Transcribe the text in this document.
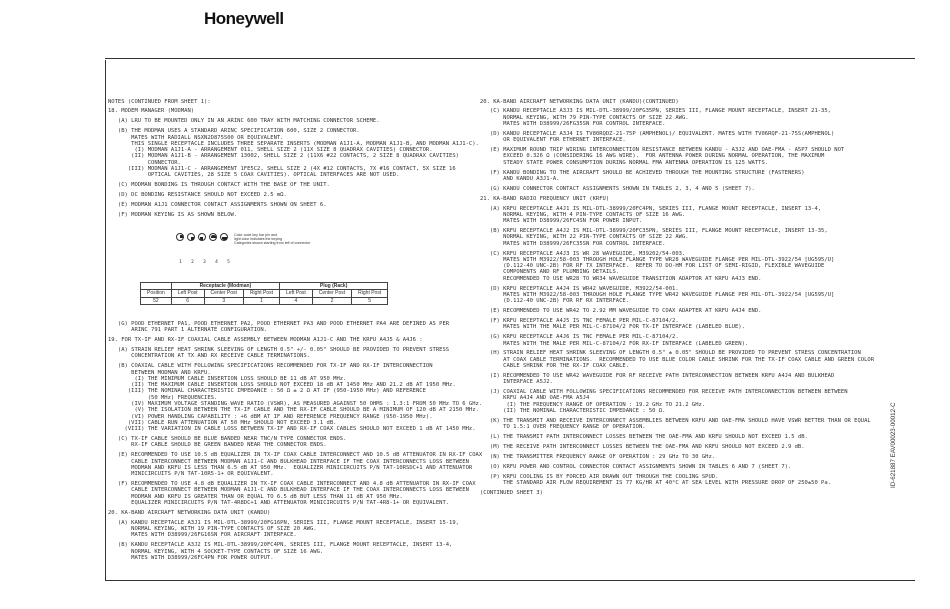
Honeywell

NOTES (CONTINUED FROM SHEET 1):

18. MODEM MANAGER (MODMAN)

(A) LRU TO BE MOUNTED ONLY IN AN ARINC 600 TRAY WITH MATCHING CONNECTOR SCHEME.

(B) THE MODMAN USES A STANDARD ARINC SPECIFICATION 600, SIZE 2 CONNECTOR.

MATES WITH RADIALL NSXN2D875S00 OR EQUIVALENT.

THIS SINGLE RECEPTACLE INCLUDES THREE SEPARATE INSERTS (MODMAN A1J1-A, MODMAN A1J1-B, AND MODMAN A1J1-C).

(I) MODMAN A1J1-A - ARRANGEMENT 011, SHELL SIZE 2 (11X SIZE 8 QUADRAX CAVITIES) CONNECTOR.

(II) MODMAN A1J1-B - ARRANGEMENT 13002, SHELL SIZE 2 (11X6 #22 CONTACTS, 2 SIZE 8 QUADRAX CAVITIES)

CONNECTOR.

(III) MODMAN A1J1-C - ARRANGEMENT 1FE5C2, SHELL SIZE 2 (4X #12 CONTACTS, 7X #16 CONTACT, 5X SIZE 16

OPTICAL CAVITIES, 28 SIZE 5 COAX CAVITIES). OPTICAL INTERFACES ARE NOT USED.

(C) MODMAN BONDING IS THROUGH CONTACT WITH THE BASE OF THE UNIT.

(D) DC BONDING RESISTANCE SHOULD NOT EXCEED 2.5 mΩ.

(E) MODMAN A1J1 CONNECTOR CONTACT ASSIGNMENTS SHOWN ON SHEET 6.

(F) MODMAN KEYING IS AS SHOWN BELOW.

Color code key bar pin and
light color indicates the keying
Categories shown starting from left of connector

1	2	3	4	5

	Receptacle (Modman)			Plug (Rack)		
Position	Left Post	Center Post	Right Post	Left Post	Center Post	Right Post
52	6	3	1	4	2	5

(G) POOD ETHERNET PA1, POOD ETHERNET PA2, POOD ETHERNET PA3 AND POOD ETHERNET PA4 ARE DEFINED AS PER

ARINC 791 PART 1 ALTERNATE CONFIGURATION.

19. FOR TX-IF AND RX-IF COAXIAL CABLE ASSEMBLY BETWEEN MODMAN A1J1-C AND THE KRFU A4J5 & A4J6 :

(A) STRAIN RELIEF HEAT SHRINK SLEEVING OF LENGTH 0.5" +/- 0.05" SHOULD BE PROVIDED TO PREVENT STRESS

CONCENTRATION AT TX AND RX RECEIVE CABLE TERMINATIONS.

(B) COAXIAL CABLE WITH FOLLOWING SPECIFICATIONS RECOMMENDED FOR TX-IF AND RX-IF INTERCONNECTION

BETWEEN MODMAN AND KRFU.

(I) THE MINIMUM CABLE INSERTION LOSS SHOULD BE 11 dB AT 950 MHz.

(II) THE MAXIMUM CABLE INSERTION LOSS SHOULD NOT EXCEED 18 dB AT 1450 MHz AND 21.2 dB AT 1950 MHz.

(III) THE NOMINAL CHARACTERISTIC IMPEDANCE : 50 Ω ± 2 Ω AT IF (950-1950 MHz) AND REFERENCE

(50 MHz) FREQUENCIES.

(IV) MAXIMUM VOLTAGE STANDING WAVE RATIO (VSWR), AS MEASURED AGAINST 50 OHMS : 1.3:1 FROM 50 MHz TO 6 GHz.

(V) THE ISOLATION BETWEEN THE TX-IF CABLE AND THE RX-IF CABLE SHOULD BE A MINIMUM OF 120 dB AT 2150 MHz.

(VI) POWER HANDLING CAPABILITY : +6 dBM AT IF AND REFERENCE FREQUENCY RANGE (950-1950 MHz).

(VII) CABLE RUN ATTENUATION AT 50 MHz SHOULD NOT EXCEED 3.1 dB.

(VIII) THE VARIATION IN CABLE LOSS BETWEEN TX-IF AND RX-IF COAX CABLES SHOULD NOT EXCEED 1 dB AT 1450 MHz.

(C) TX-IF CABLE SHOULD BE BLUE BANDED NEAR TNC/N TYPE CONNECTOR ENDS.

RX-IF CABLE SHOULD BE GREEN BANDED NEAR THE CONNECTOR ENDS.

(E) RECOMMENDED TO USE 10.5 dB EQUALIZER IN TX-IF COAX CABLE INTERCONNECT AND 10.5 dB ATTENUATOR IN RX-IF COAX

CABLE INTERCONNECT BETWEEN MODMAN A1J1-C AND BULKHEAD INTERFACE IF THE COAX INTERCONNECTS LOSS BETWEEN

MODMAN AND KRFU IS LESS THAN 6.5 dB AT 950 MHz.  EQUALIZER MINICIRCUITS P/N TAT-10RSDC+1 AND ATTENUATOR

MINICIRCUITS P/N TAT-10R5-1+ OR EQUIVALENT.

(F) RECOMMENDED TO USE 4.8 dB EQUALIZER IN TX-IF COAX CABLE INTERCONNECT AND 4.8 dB ATTENUATOR IN RX-IF COAX

CABLE INTERCONNECT BETWEEN MODMAN A1J1-C AND BULKHEAD INTERFACE IF THE COAX INTERCONNECTS LOSS BETWEEN

MODMAN AND KRFU IS GREATER THAN OR EQUAL TO 6.5 dB BUT LESS THAN 11 dB AT 950 MHz.

EQUALIZER MINICIRCUITS P/N TAT-4R8DC+1 AND ATTENUATOR MINICIRCUITS P/N TAT-4R8-1+ OR EQUIVALENT.

20. KA-BAND AIRCRAFT NETWORKING DATA UNIT (KANDU)

(A) KANDU RECEPTACLE A3J1 IS MIL-DTL-38999/20FG16PN, SERIES III, FLANGE MOUNT RECEPTACLE, INSERT 15-19,

NORMAL KEYING, WITH 19 PIN-TYPE CONTACTS OF SIZE 20 AWG.

MATES WITH D38999/26FG16SN FOR AIRCRAFT INTERFACE.

(B) KANDU RECEPTACLE A3J2 IS MIL-DTL-38999/20FC4PN, SERIES III, FLANGE MOUNT RECEPTACLE, INSERT 13-4,

NORMAL KEYING, WITH 4 SOCKET-TYPE CONTACTS OF SIZE 16 AWG.

MATES WITH D38999/26FC4PN FOR POWER OUTPUT.

20. KA-BAND AIRCRAFT NETWORKING DATA UNIT (KANDU)(CONTINUED)

(C) KANDU RECEPTACLE A3J3 IS MIL-DTL-38999/20FG35PN, SERIES III, FLANGE MOUNT RECEPTACLE, INSERT 21-35,

NORMAL KEYING, WITH 79 PIN-TYPE CONTACTS OF SIZE 22 AWG.

MATES WITH D38999/26FG35SN FOR CONTROL INTERFACE.

(D) KANDU RECEPTACLE A3J4 IS TV80RQDZ-21-75P (AMPHENOL)/ EQUIVALENT. MATES WITH TV06RQF-21-75S(AMPHENOL)

OR EQUIVALENT FOR ETHERNET INTERFACE.

(E) MAXIMUM ROUND TRIP WIRING INTERCONNECTION RESISTANCE BETWEEN KANDU - A3J2 AND OAE-FMA - A5P7 SHOULD NOT

EXCEED 0.326 Ω (CONSIDERING 16 AWG WIRE).  FOR ANTENNA POWER DURING NORMAL OPERATION, THE MAXIMUM

STEADY STATE POWER CONSUMPTION DURING NORMAL FMA ANTENNA OPERATION IS 125 WATTS.

(F) KANDU BONDING TO THE AIRCRAFT SHOULD BE ACHIEVED THROUGH THE MOUNTING STRUCTURE (FASTENERS)

AND KANDU A3J1-A.

(G) KANDU CONNECTOR CONTACT ASSIGNMENTS SHOWN IN TABLES 2, 3, 4 AND 5 (SHEET 7).

21. KA-BAND RADIO FREQUENCY UNIT (KRFU)

(A) KRFU RECEPTACLE A4J1 IS MIL-DTL-38999/20FC4PN, SERIES III, FLANGE MOUNT RECEPTACLE, INSERT 13-4,

NORMAL KEYING, WITH 4 PIN-TYPE CONTACTS OF SIZE 16 AWG.

MATES WITH D38999/26FC4SN FOR POWER INPUT.

(B) KRFU RECEPTACLE A4J2 IS MIL-DTL-38999/20FC35PN, SERIES III, FLANGE MOUNT RECEPTACLE, INSERT 13-35,

NORMAL KEYING, WITH 22 PIN-TYPE CONTACTS OF SIZE 22 AWG.

MATES WITH D38999/26FC35SN FOR CONTROL INTERFACE.

(C) KRFU RECEPTACLE A4J3 IS WR 28 WAVEGUIDE, M39202/54-003.

MATES WITH M3922/58-003 THROUGH HOLE FLANGE TYPE WR28 WAVEGUIDE FLANGE PER MIL-DTL-3922/54 [UG595/U]

(D.112-40 UNC-2B) FOR RF TX INTERFACE.  REFER TO DO-HM FOR LIST OF SEMI-RIGID, FLEXIBLE WAVEGUIDE

COMPONENTS AND RF PLUMBING DETAILS.

RECOMMENDED TO USE WR28 TO WR34 WAVEGUIDE TRANSITION ADAPTOR AT KRFU A4J3 END.

(D) KRFU RECEPTACLE A4J4 IS WR42 WAVEGUIDE, M3922/54-001.

MATES WITH M3922/58-003 THROUGH HOLE FLANGE TYPE WR42 WAVEGUIDE FLANGE PER MIL-DTL-3922/54 [UG595/U]

(D.112-40 UNC-2B) FOR RF RX INTERFACE.

(E) RECOMMENDED TO USE WR42 TO 2.92 MM WAVEGUIDE TO COAX ADAPTER AT KRFU A4J4 END.

(F) KRFU RECEPTACLE A4J5 IS TNC FEMALE PER MIL-C-87104/2.

MATES WITH THE MALE PER MIL-C-87104/2 FOR TX-IF INTERFACE (LABELED BLUE).

(G) KRFU RECEPTACLE A4J6 IS TNC FEMALE PER MIL-C-87104/2.

MATES WITH THE MALE PER MIL-C-87104/2 FOR RX-IF INTERFACE (LABELED GREEN).

(H) STRAIN RELIEF HEAT SHRINK SLEEVING OF LENGTH 0.5" ± 0.05" SHOULD BE PROVIDED TO PREVENT STRESS CONCENTRATION

AT COAX CABLE TERMINATIONS.  RECOMMENDED TO USE BLUE COLOR CABLE SHRINK FOR THE TX-IF COAX CABLE AND GREEN COLOR

CABLE SHRINK FOR THE RX-IF COAX CABLE.

(I) RECOMMENDED TO USE WR42 WAVEGUIDE FOR RF RECEIVE PATH INTERCONNECTION BETWEEN KRFU A4J4 AND BULKHEAD

INTERFACE A5J2.

(J) COAXIAL CABLE WITH FOLLOWING SPECIFICATIONS RECOMMENDED FOR RECEIVE PATH INTERCONNECTION BETWEEN BETWEEN

KRFU A4J4 AND OAE-FMA A5J4

(I) THE FREQUENCY RANGE OF OPERATION : 19.2 GHz TO 21.2 GHz.

(II) THE NOMINAL CHARACTERISTIC IMPEDANCE : 50 Ω.

(K) THE TRANSMIT AND RECEIVE INTERCONNECT ASSEMBLIES BETWEEN KRFU AND OAE-FMA SHOULD HAVE VSWR BETTER THAN OR EQUAL

TO 1.5:1 OVER FREQUENCY RANGE OF OPERATION.

(L) THE TRANSMIT PATH INTERCONNECT LOSSES BETWEEN THE OAE-FMA AND KRFU SHOULD NOT EXCEED 1.5 dB.

(M) THE RECEIVE PATH INTERCONNECT LOSSES BETWEEN THE OAE-FMA AND KRFU SHOULD NOT EXCEED 2.9 dB.

(N) THE TRANSMITTER FREQUENCY RANGE OF OPERATION : 29 GHz TO 30 GHz.

(O) KRFU POWER AND CONTROL CONNECTOR CONTACT ASSIGNMENTS SHOWN IN TABLES 6 AND 7 (SHEET 7).

(P) KRFU COOLING IS BY FORCED AIR DRAWN OUT THROUGH THE COOLING SPUD.

THE STANDARD AIR FLOW REQUIREMENT IS 77 KG/HR AT 40°C AT SEA LEVEL WITH PRESSURE DROP OF 250±50 Pa.

(CONTINUED SHEET 3)

ID-621887 EAV00023-00012-C
